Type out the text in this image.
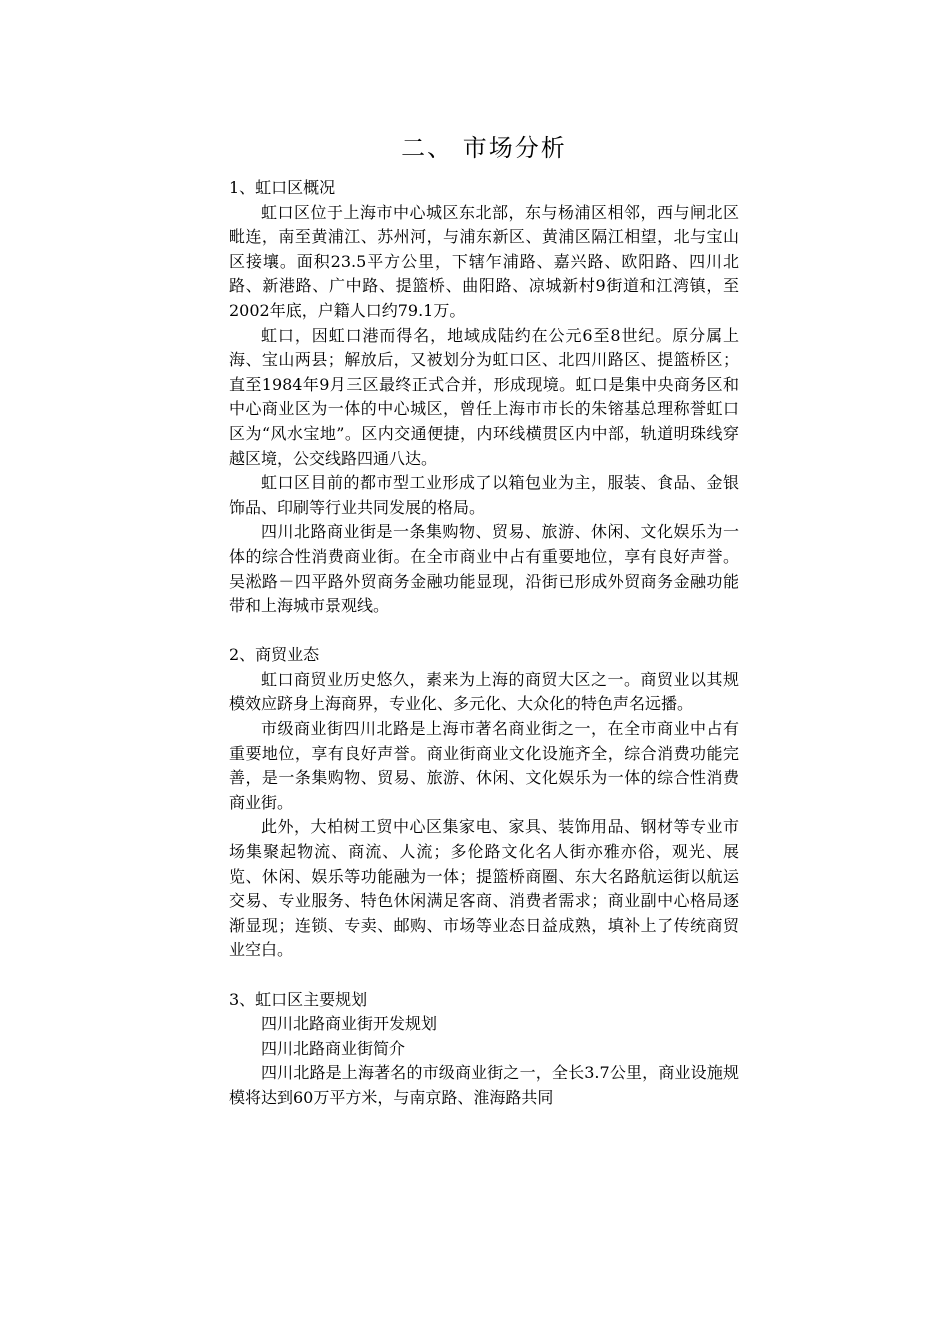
二、 市场分析
1、虹口区概况

虹口区位于上海市中心城区东北部，东与杨浦区相邻，西与闸北区毗连，南至黄浦江、苏州河，与浦东新区、黄浦区隔江相望，北与宝山区接壤。面积23.5平方公里，下辖乍浦路、嘉兴路、欧阳路、四川北路、新港路、广中路、提篮桥、曲阳路、凉城新村9街道和江湾镇，至2002年底，户籍人口约79.1万。

虹口，因虹口港而得名，地域成陆约在公元6至8世纪。原分属上海、宝山两县；解放后，又被划分为虹口区、北四川路区、提篮桥区；直至1984年9月三区最终正式合并，形成现境。虹口是集中央商务区和中心商业区为一体的中心城区，曾任上海市市长的朱镕基总理称誉虹口区为“风水宝地”。区内交通便捷，内环线横贯区内中部，轨道明珠线穿越区境，公交线路四通八达。

虹口区目前的都市型工业形成了以箱包业为主，服装、食品、金银饰品、印刷等行业共同发展的格局。

四川北路商业街是一条集购物、贸易、旅游、休闲、文化娱乐为一体的综合性消费商业街。在全市商业中占有重要地位，享有良好声誉。吴淞路－四平路外贸商务金融功能显现，沿街已形成外贸商务金融功能带和上海城市景观线。

2、商贸业态

虹口商贸业历史悠久，素来为上海的商贸大区之一。商贸业以其规模效应跻身上海商界，专业化、多元化、大众化的特色声名远播。

市级商业街四川北路是上海市著名商业街之一，在全市商业中占有重要地位，享有良好声誉。商业街商业文化设施齐全，综合消费功能完善，是一条集购物、贸易、旅游、休闲、文化娱乐为一体的综合性消费商业街。

此外，大柏树工贸中心区集家电、家具、装饰用品、钢材等专业市场集聚起物流、商流、人流；多伦路文化名人街亦雅亦俗，观光、展览、休闲、娱乐等功能融为一体；提篮桥商圈、东大名路航运街以航运交易、专业服务、特色休闲满足客商、消费者需求；商业副中心格局逐渐显现；连锁、专卖、邮购、市场等业态日益成熟，填补上了传统商贸业空白。

3、虹口区主要规划

四川北路商业街开发规划

四川北路商业街简介

四川北路是上海著名的市级商业街之一，全长3.7公里，商业设施规模将达到60万平方米，与南京路、淮海路共同
